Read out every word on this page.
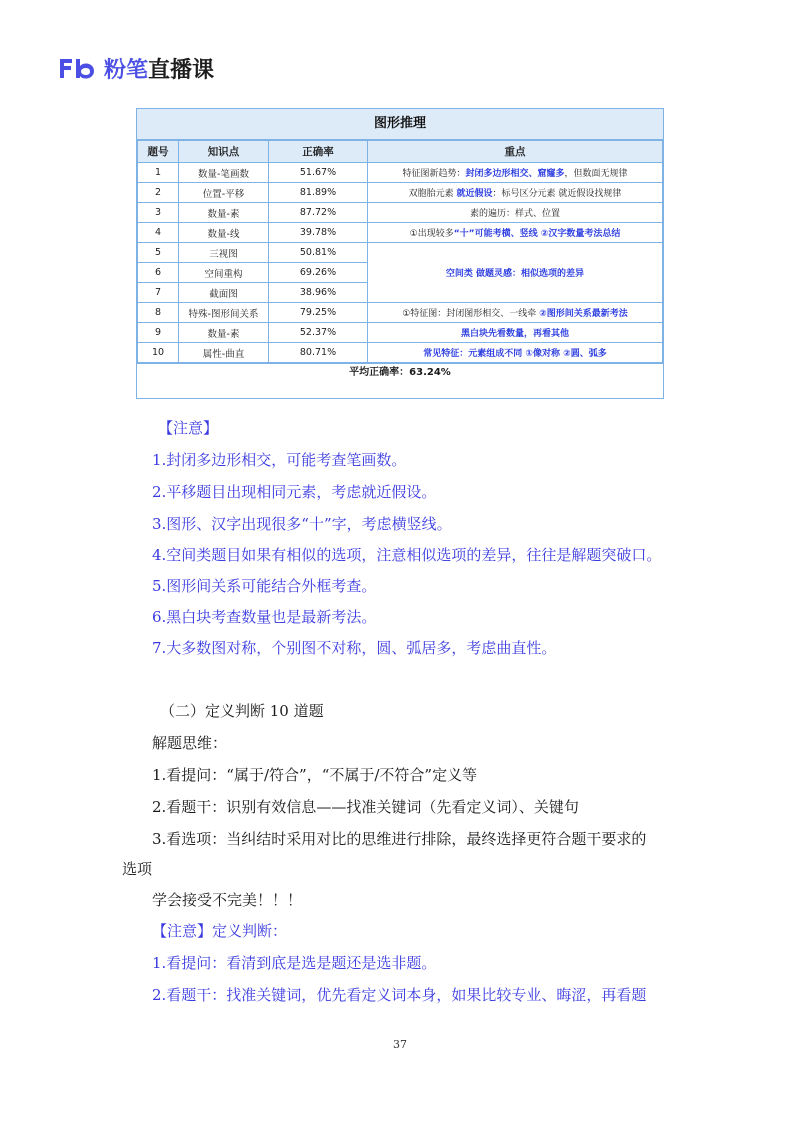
粉笔直播课
图形推理
题号	知识点	正确率	重点
1	数量-笔画数	51.67%	特征图新趋势：封闭多边形相交、窟窿多，但数面无规律
2	位置-平移	81.89%	双胞胎元素 就近假设：标号区分元素 就近假设找规律
3	数量-素	87.72%	素的遍历：样式、位置
4	数量-线	39.78%	①出现较多“十”可能考横、竖线 ②汉字数量考法总结
5	三视图	50.81%	空间类 做题灵感：相似选项的差异
6	空间重构	69.26%	
7	截面图	38.96%	
8	特殊-图形间关系	79.25%	①特征图：封闭图形相交、一线牵 ②图形间关系最新考法
9	数量-素	52.37%	黑白块先看数量，再看其他
10	属性-曲直	80.71%	常见特征：元素组成不同 ①像对称 ②圆、弧多
平均正确率：63.24%
【注意】
1.封闭多边形相交，可能考查笔画数。
2.平移题目出现相同元素，考虑就近假设。
3.图形、汉字出现很多“十”字，考虑横竖线。
4.空间类题目如果有相似的选项，注意相似选项的差异，往往是解题突破口。
5.图形间关系可能结合外框考查。
6.黑白块考查数量也是最新考法。
7.大多数图对称，个别图不对称，圆、弧居多，考虑曲直性。
（二）定义判断 10 道题
解题思维：
1.看提问：“属于/符合”，“不属于/不符合”定义等
2.看题干：识别有效信息——找准关键词（先看定义词）、关键句
3.看选项：当纠结时采用对比的思维进行排除，最终选择更符合题干要求的
选项
学会接受不完美！！！
【注意】定义判断：
1.看提问：看清到底是选是题还是选非题。
2.看题干：找准关键词，优先看定义词本身，如果比较专业、晦涩，再看题
37
